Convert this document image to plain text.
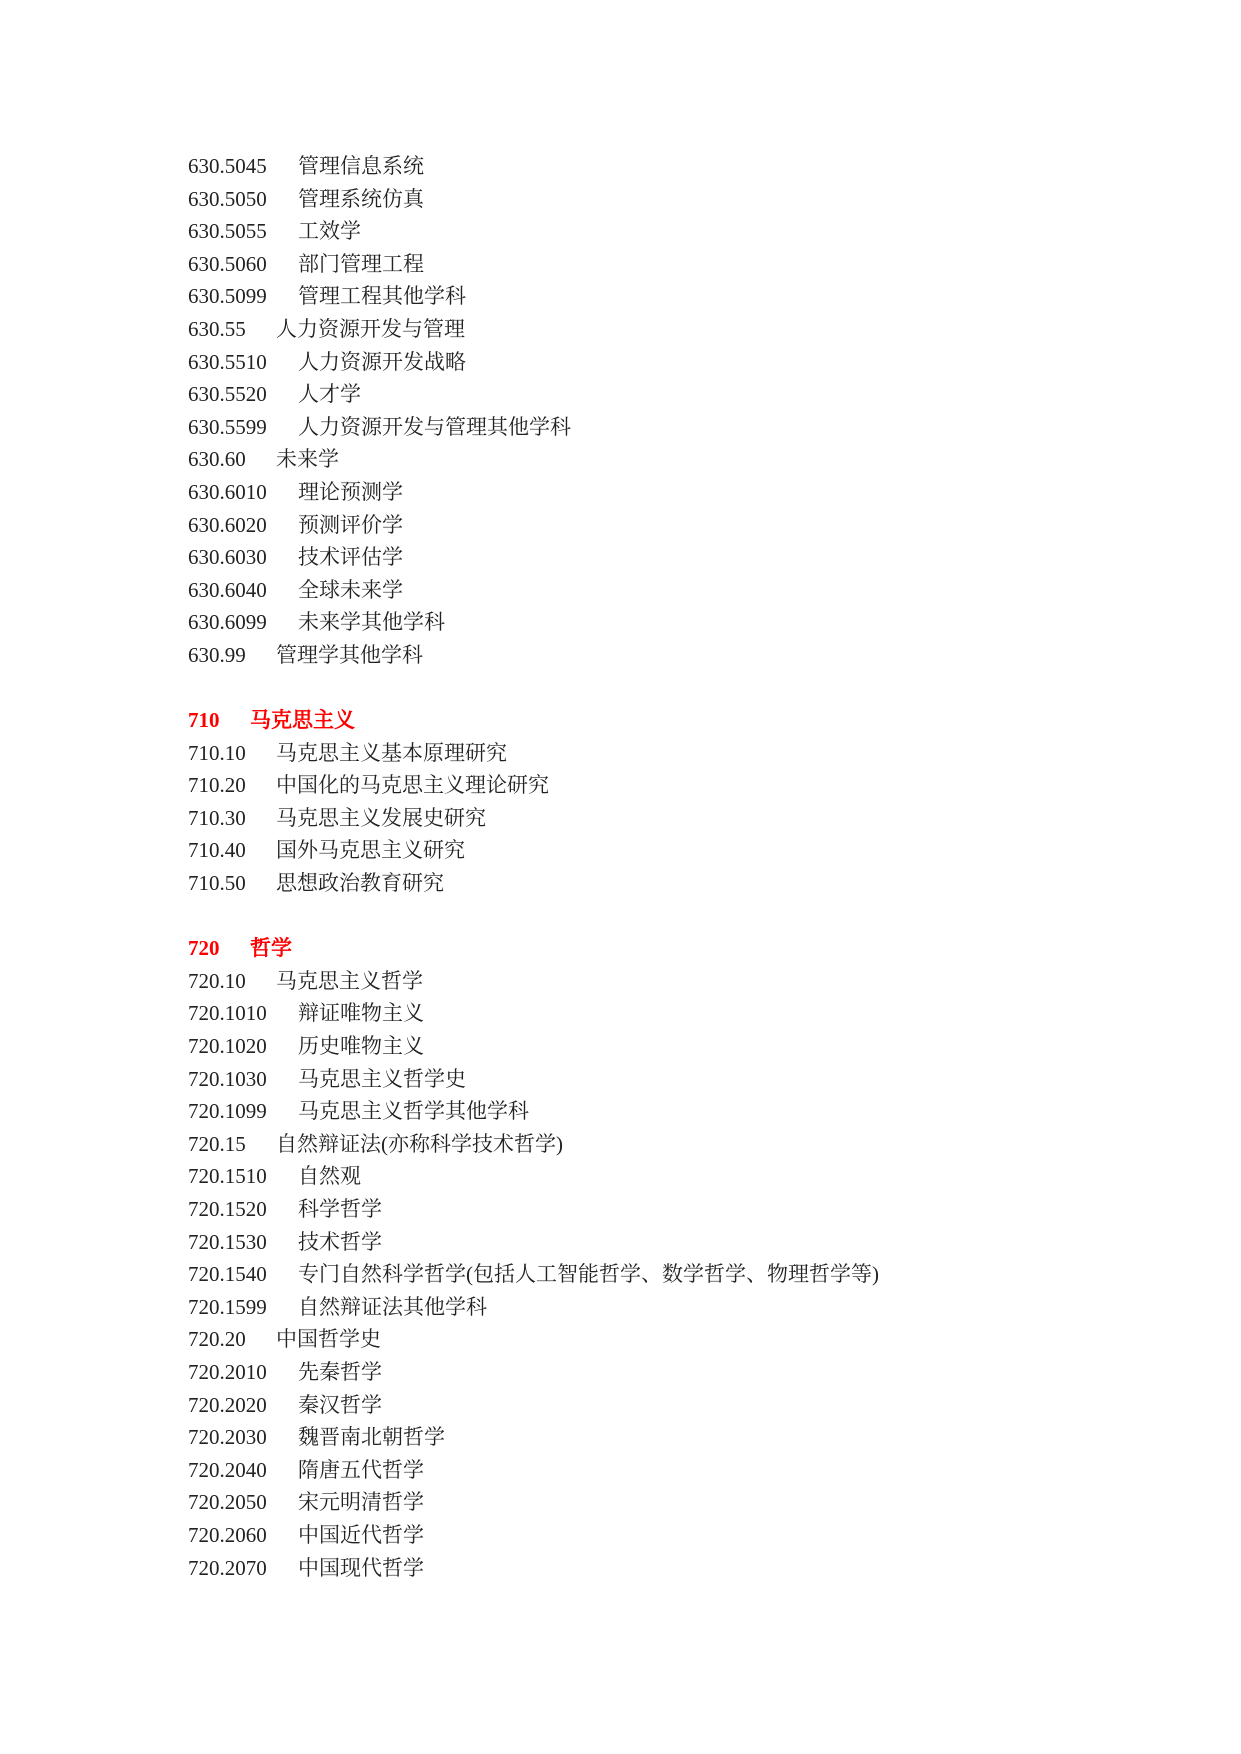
630.5045 管理信息系统
630.5050 管理系统仿真
630.5055 工效学
630.5060 部门管理工程
630.5099 管理工程其他学科
630.55 人力资源开发与管理
630.5510 人力资源开发战略
630.5520 人才学
630.5599 人力资源开发与管理其他学科
630.60 未来学
630.6010 理论预测学
630.6020 预测评价学
630.6030 技术评估学
630.6040 全球未来学
630.6099 未来学其他学科
630.99 管理学其他学科
710 马克思主义
710.10 马克思主义基本原理研究
710.20 中国化的马克思主义理论研究
710.30 马克思主义发展史研究
710.40 国外马克思主义研究
710.50 思想政治教育研究
720 哲学
720.10 马克思主义哲学
720.1010 辩证唯物主义
720.1020 历史唯物主义
720.1030 马克思主义哲学史
720.1099 马克思主义哲学其他学科
720.15 自然辩证法(亦称科学技术哲学)
720.1510 自然观
720.1520 科学哲学
720.1530 技术哲学
720.1540 专门自然科学哲学(包括人工智能哲学、数学哲学、物理哲学等)
720.1599 自然辩证法其他学科
720.20 中国哲学史
720.2010 先秦哲学
720.2020 秦汉哲学
720.2030 魏晋南北朝哲学
720.2040 隋唐五代哲学
720.2050 宋元明清哲学
720.2060 中国近代哲学
720.2070 中国现代哲学
